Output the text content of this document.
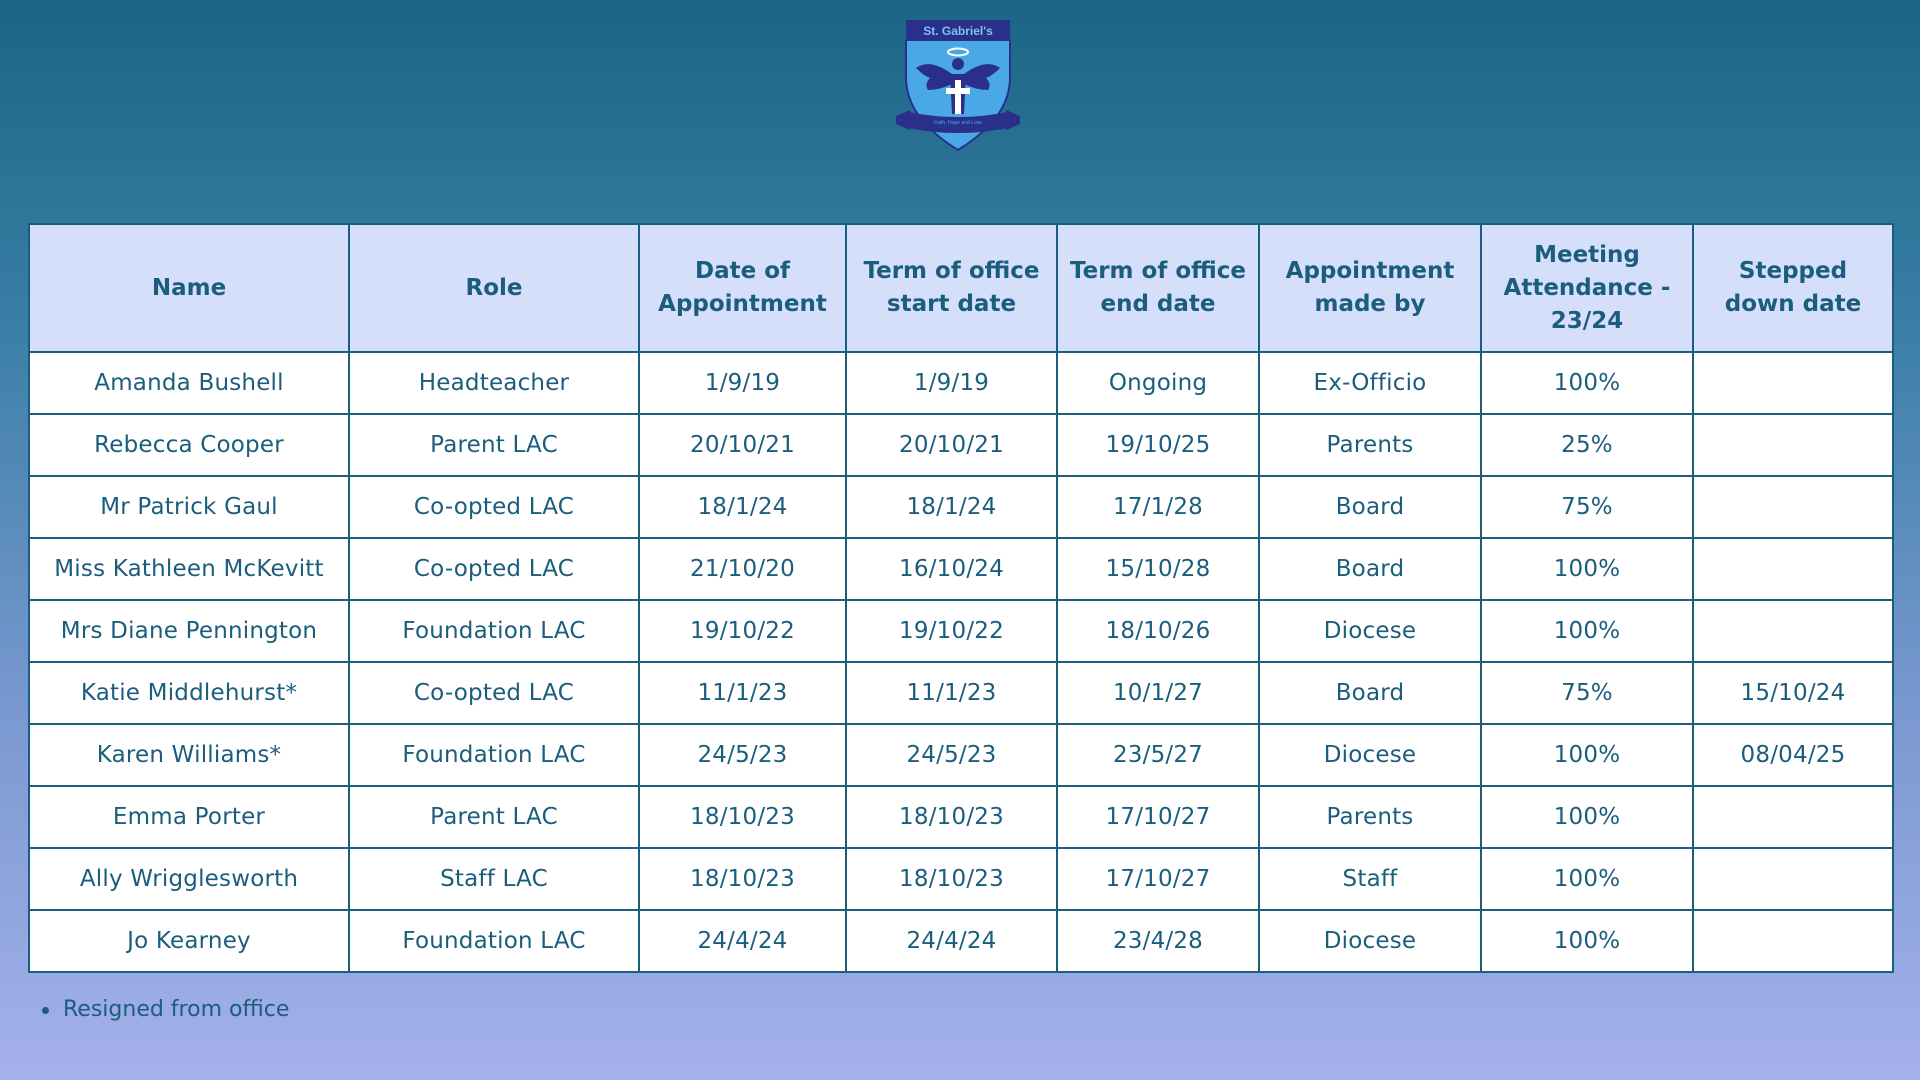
St. Gabriel's
Faith, Hope and Love
Name	Role	Date of Appointment	Term of office start date	Term of office end date	Appointment made by	Meeting Attendance - 23/24	Stepped down date
Amanda Bushell	Headteacher	1/9/19	1/9/19	Ongoing	Ex-Officio	100%	
Rebecca Cooper	Parent LAC	20/10/21	20/10/21	19/10/25	Parents	25%	
Mr Patrick Gaul	Co-opted LAC	18/1/24	18/1/24	17/1/28	Board	75%	
Miss Kathleen McKevitt	Co-opted LAC	21/10/20	16/10/24	15/10/28	Board	100%	
Mrs Diane Pennington	Foundation LAC	19/10/22	19/10/22	18/10/26	Diocese	100%	
Katie Middlehurst*	Co-opted LAC	11/1/23	11/1/23	10/1/27	Board	75%	15/10/24
Karen Williams*	Foundation LAC	24/5/23	24/5/23	23/5/27	Diocese	100%	08/04/25
Emma Porter	Parent LAC	18/10/23	18/10/23	17/10/27	Parents	100%	
Ally Wrigglesworth	Staff LAC	18/10/23	18/10/23	17/10/27	Staff	100%	
Jo Kearney	Foundation LAC	24/4/24	24/4/24	23/4/28	Diocese	100%	
Resigned from office
